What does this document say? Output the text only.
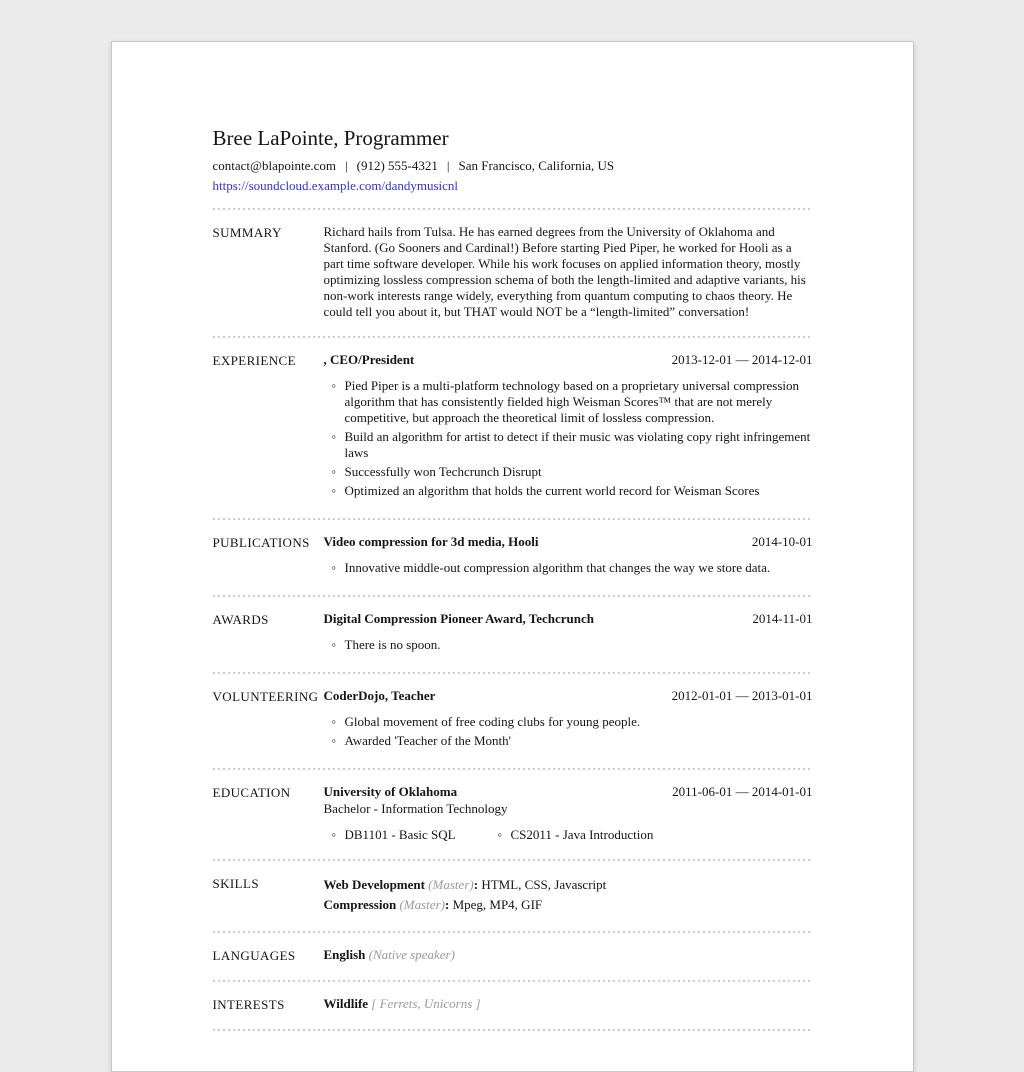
Bree LaPointe, Programmer
contact@blapointe.com | (912) 555-4321 | San Francisco, California, US
https://soundcloud.example.com/dandymusicnl
SUMMARY	Richard hails from Tulsa. He has earned degrees from the University of Oklahoma and Stanford. (Go Sooners and Cardinal!) Before starting Pied Piper, he worked for Hooli as a part time software developer. While his work focuses on applied information theory, mostly optimizing lossless compression schema of both the length-limited and adaptive variants, his non-work interests range widely, everything from quantum computing to chaos theory. He could tell you about it, but THAT would NOT be a “length-limited” conversation!
EXPERIENCE	, CEO/President	2013-12-01 — 2014-12-01
◦ Pied Piper is a multi-platform technology based on a proprietary universal compression algorithm that has consistently fielded high Weisman Scores™ that are not merely competitive, but approach the theoretical limit of lossless compression.
◦ Build an algorithm for artist to detect if their music was violating copy right infringement laws
◦ Successfully won Techcrunch Disrupt
◦ Optimized an algorithm that holds the current world record for Weisman Scores
PUBLICATIONS	Video compression for 3d media, Hooli	2014-10-01
◦ Innovative middle-out compression algorithm that changes the way we store data.
AWARDS	Digital Compression Pioneer Award, Techcrunch	2014-11-01
◦ There is no spoon.
VOLUNTEERING CoderDojo, Teacher	2012-01-01 — 2013-01-01
◦ Global movement of free coding clubs for young people.
◦ Awarded 'Teacher of the Month'
EDUCATION	University of Oklahoma	2011-06-01 — 2014-01-01
Bachelor - Information Technology
◦ DB1101 - Basic SQL	◦ CS2011 - Java Introduction
SKILLS	Web Development (Master): HTML, CSS, Javascript
Compression (Master): Mpeg, MP4, GIF
LANGUAGES	English (Native speaker)
INTERESTS	Wildlife [ Ferrets, Unicorns ]
